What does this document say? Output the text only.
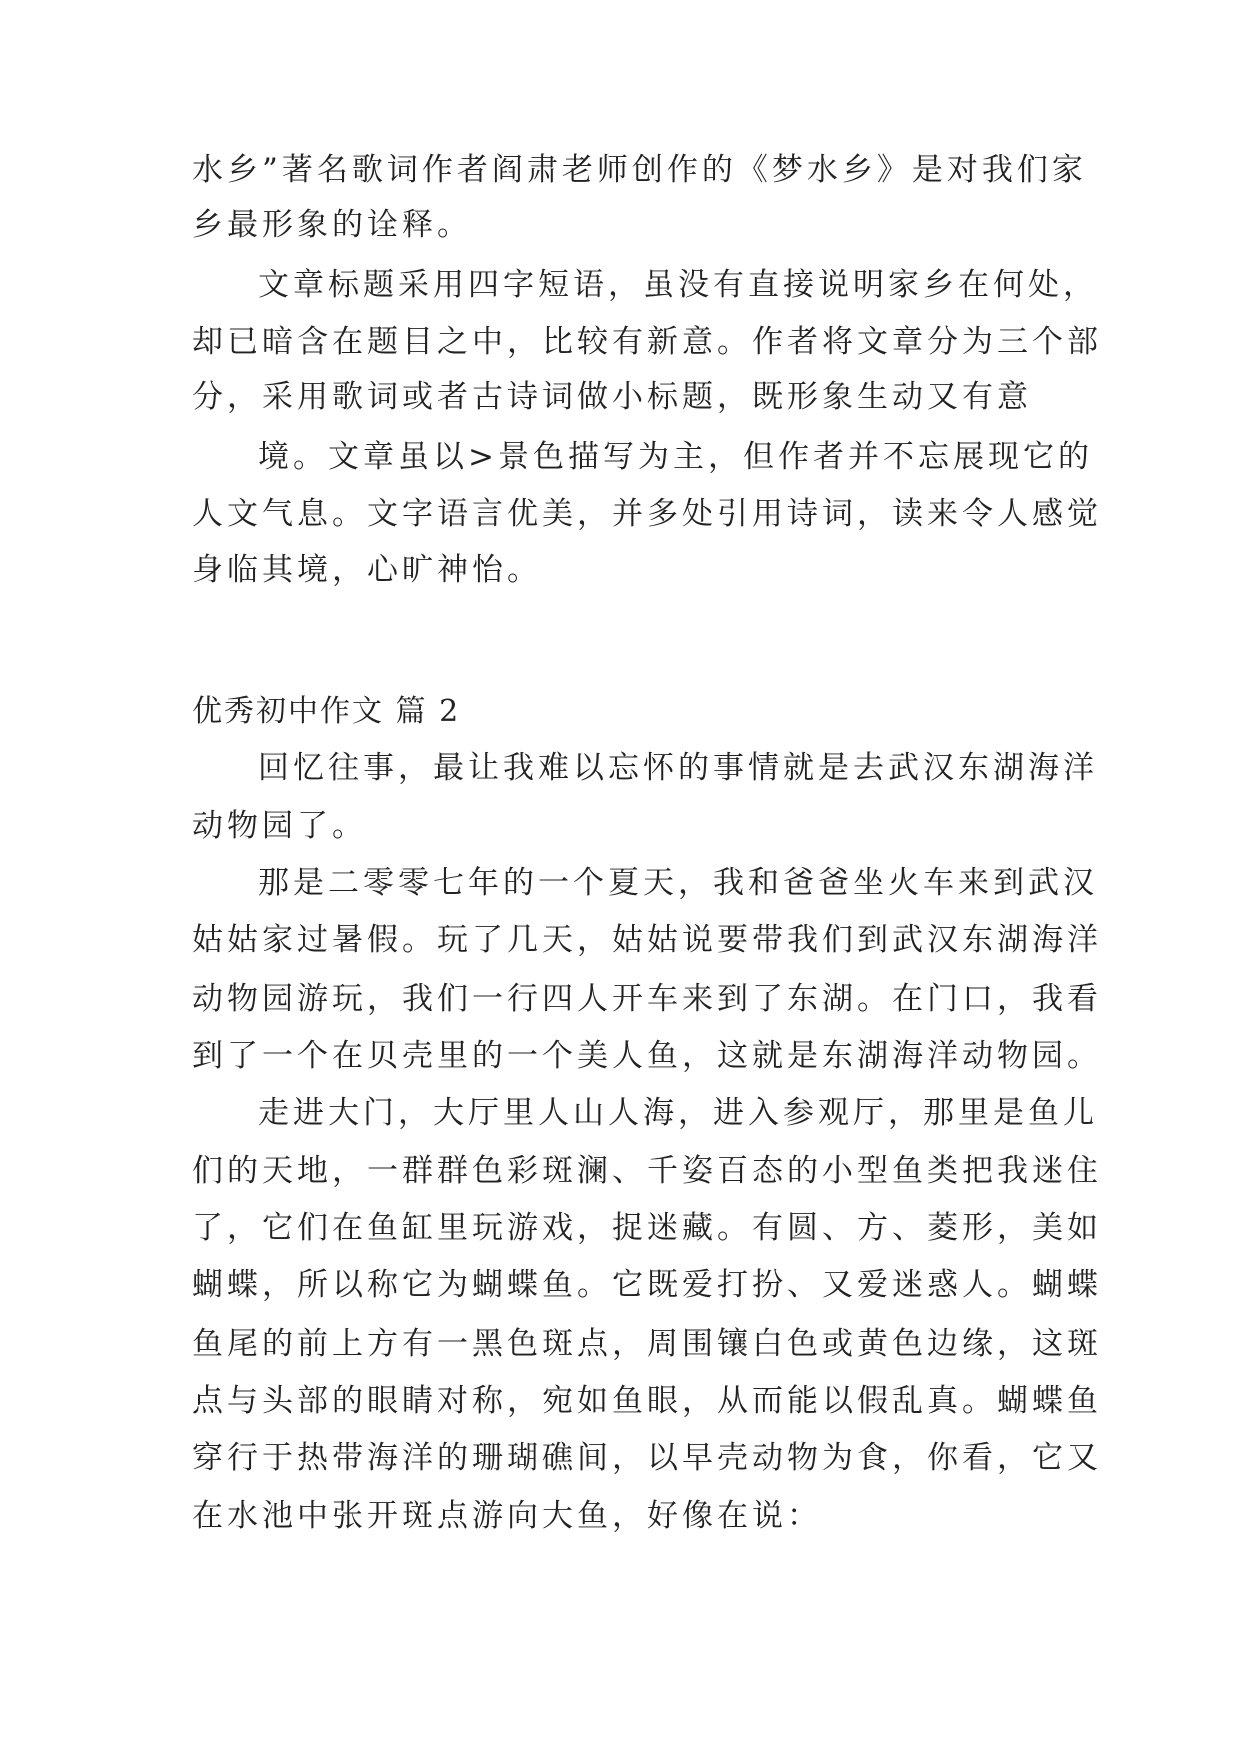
水乡”著名歌词作者阎肃老师创作的《梦水乡》是对我们家
乡最形象的诠释。
文章标题采用四字短语，虽没有直接说明家乡在何处，
却已暗含在题目之中，比较有新意。作者将文章分为三个部
分，采用歌词或者古诗词做小标题，既形象生动又有意
境。文章虽以>景色描写为主，但作者并不忘展现它的
人文气息。文字语言优美，并多处引用诗词，读来令人感觉
身临其境，心旷神怡。
优秀初中作文 篇 2
回忆往事，最让我难以忘怀的事情就是去武汉东湖海洋
动物园了。
那是二零零七年的一个夏天，我和爸爸坐火车来到武汉
姑姑家过暑假。玩了几天，姑姑说要带我们到武汉东湖海洋
动物园游玩，我们一行四人开车来到了东湖。在门口，我看
到了一个在贝壳里的一个美人鱼，这就是东湖海洋动物园。
走进大门，大厅里人山人海，进入参观厅，那里是鱼儿
们的天地，一群群色彩斑澜、千姿百态的小型鱼类把我迷住
了，它们在鱼缸里玩游戏，捉迷藏。有圆、方、菱形，美如
蝴蝶，所以称它为蝴蝶鱼。它既爱打扮、又爱迷惑人。蝴蝶
鱼尾的前上方有一黑色斑点，周围镶白色或黄色边缘，这斑
点与头部的眼睛对称，宛如鱼眼，从而能以假乱真。蝴蝶鱼
穿行于热带海洋的珊瑚礁间，以早壳动物为食，你看，它又
在水池中张开斑点游向大鱼，好像在说：
